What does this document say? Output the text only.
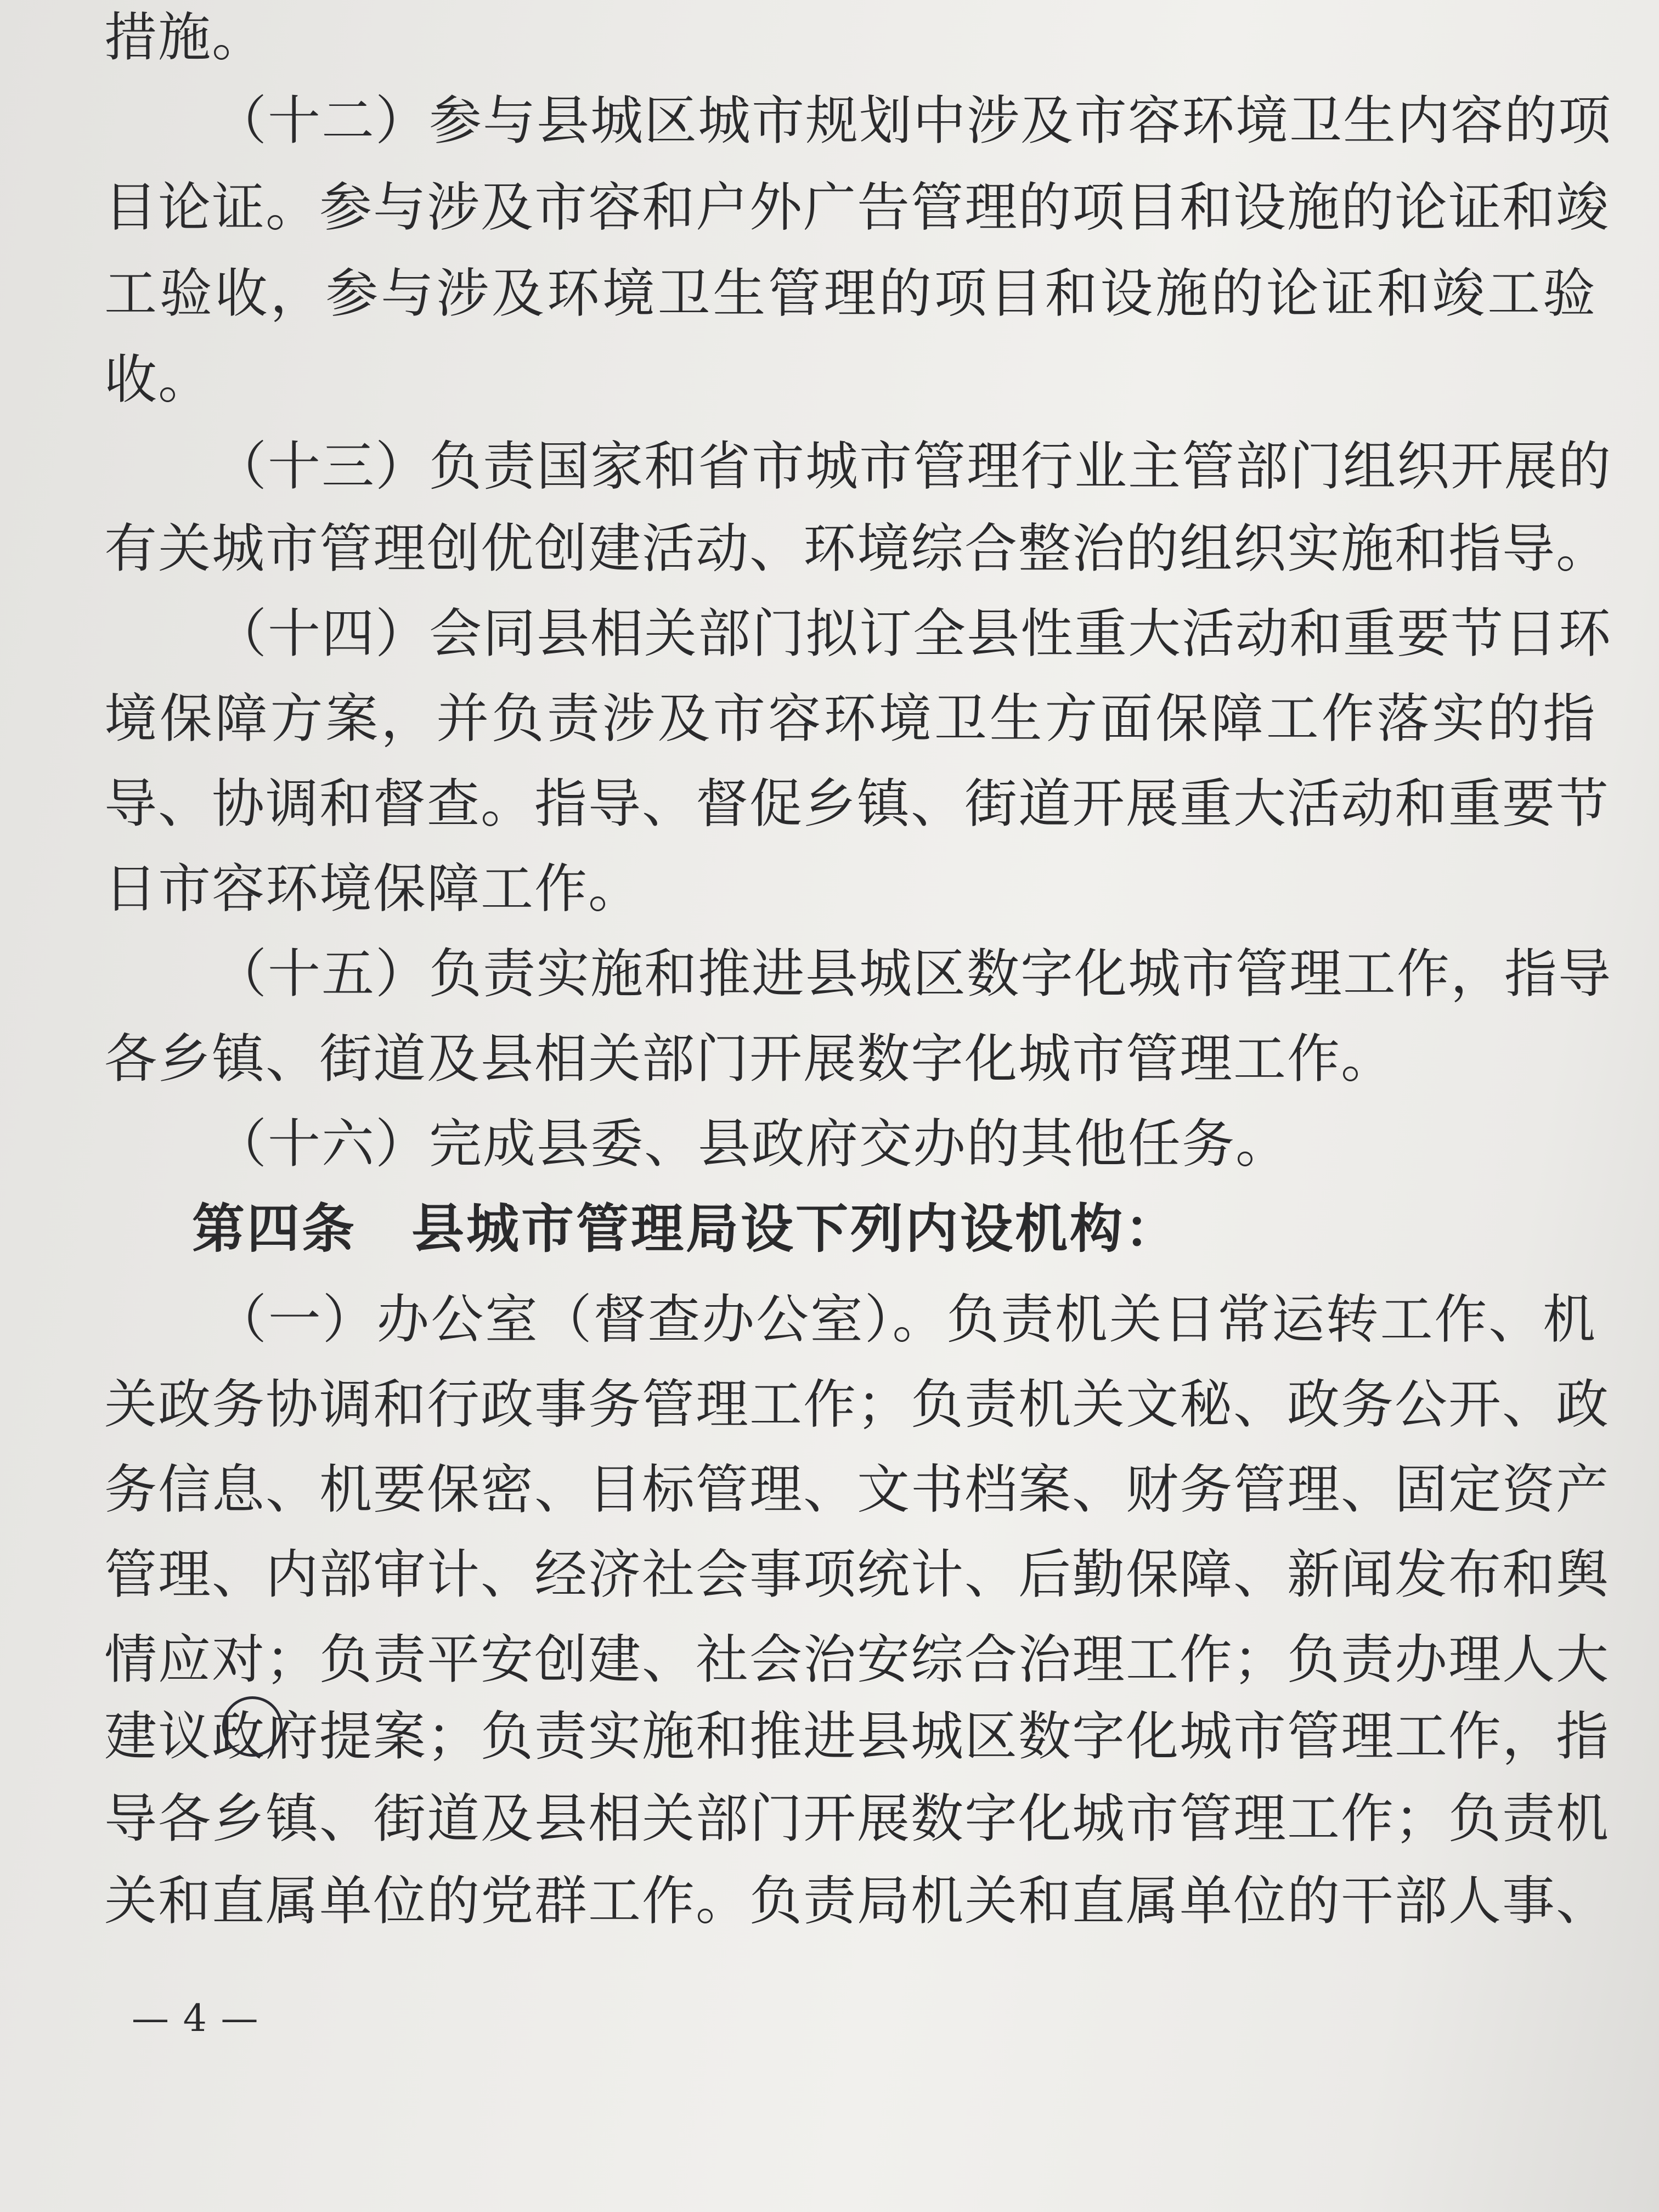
措施。
（十二）参与县城区城市规划中涉及市容环境卫生内容的项
目论证。参与涉及市容和户外广告管理的项目和设施的论证和竣
工验收，参与涉及环境卫生管理的项目和设施的论证和竣工验
收。
（十三）负责国家和省市城市管理行业主管部门组织开展的
有关城市管理创优创建活动、环境综合整治的组织实施和指导。
（十四）会同县相关部门拟订全县性重大活动和重要节日环
境保障方案，并负责涉及市容环境卫生方面保障工作落实的指
导、协调和督查。指导、督促乡镇、街道开展重大活动和重要节
日市容环境保障工作。
（十五）负责实施和推进县城区数字化城市管理工作，指导
各乡镇、街道及县相关部门开展数字化城市管理工作。
（十六）完成县委、县政府交办的其他任务。
第四条　县城市管理局设下列内设机构：
（一）办公室（督查办公室）。负责机关日常运转工作、机
关政务协调和行政事务管理工作；负责机关文秘、政务公开、政
务信息、机要保密、目标管理、文书档案、财务管理、固定资产
管理、内部审计、经济社会事项统计、后勤保障、新闻发布和舆
情应对；负责平安创建、社会治安综合治理工作；负责办理人大
建议政府提案；负责实施和推进县城区数字化城市管理工作，指
导各乡镇、街道及县相关部门开展数字化城市管理工作；负责机
关和直属单位的党群工作。负责局机关和直属单位的干部人事、
— 4 —
